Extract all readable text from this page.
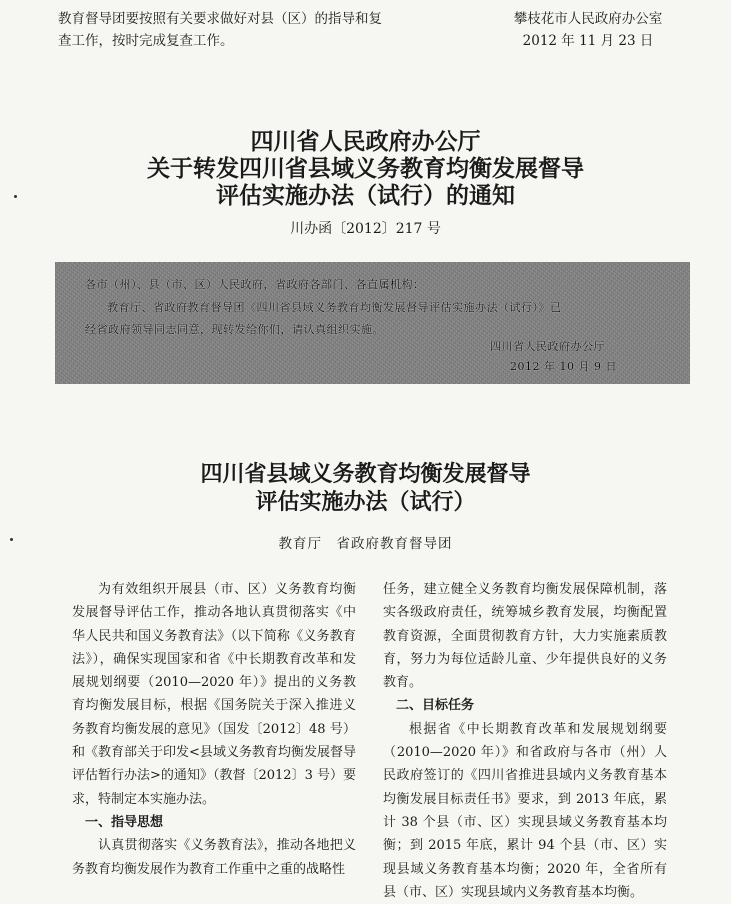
教育督导团要按照有关要求做好对县（区）的指导和复查工作，按时完成复查工作。
攀枝花市人民政府办公室
2012 年 11 月 23 日
四川省人民政府办公厅
关于转发四川省县域义务教育均衡发展督导
评估实施办法（试行）的通知
川办函〔2012〕217 号
各市（州）、县（市、区）人民政府，省政府各部门、各直属机构：
教育厅、省政府教育督导团《四川省县域义务教育均衡发展督导评估实施办法（试行）》已
经省政府领导同志同意，现转发给你们，请认真组织实施。
四川省人民政府办公厅
2012 年 10 月 9 日
四川省县域义务教育均衡发展督导
评估实施办法（试行）
教育厅　省政府教育督导团

为有效组织开展县（市、区）义务教育均衡发展督导评估工作，推动各地认真贯彻落实《中华人民共和国义务教育法》（以下简称《义务教育法》），确保实现国家和省《中长期教育改革和发展规划纲要（2010—2020 年）》提出的义务教育均衡发展目标，根据《国务院关于深入推进义务教育均衡发展的意见》（国发〔2012〕48 号）和《教育部关于印发<县域义务教育均衡发展督导评估暂行办法>的通知》（教督〔2012〕3 号）要求，特制定本实施办法。

一、指导思想

认真贯彻落实《义务教育法》，推动各地把义务教育均衡发展作为教育工作重中之重的战略性

任务，建立健全义务教育均衡发展保障机制，落实各级政府责任，统筹城乡教育发展，均衡配置教育资源，全面贯彻教育方针，大力实施素质教育，努力为每位适龄儿童、少年提供良好的义务教育。

二、目标任务

根据省《中长期教育改革和发展规划纲要（2010—2020 年）》和省政府与各市（州）人民政府签订的《四川省推进县域内义务教育基本均衡发展目标责任书》要求，到 2013 年底，累计 38 个县（市、区）实现县域义务教育基本均衡；到 2015 年底，累计 94 个县（市、区）实现县域义务教育基本均衡；2020 年，全省所有县（市、区）实现县域内义务教育基本均衡。
